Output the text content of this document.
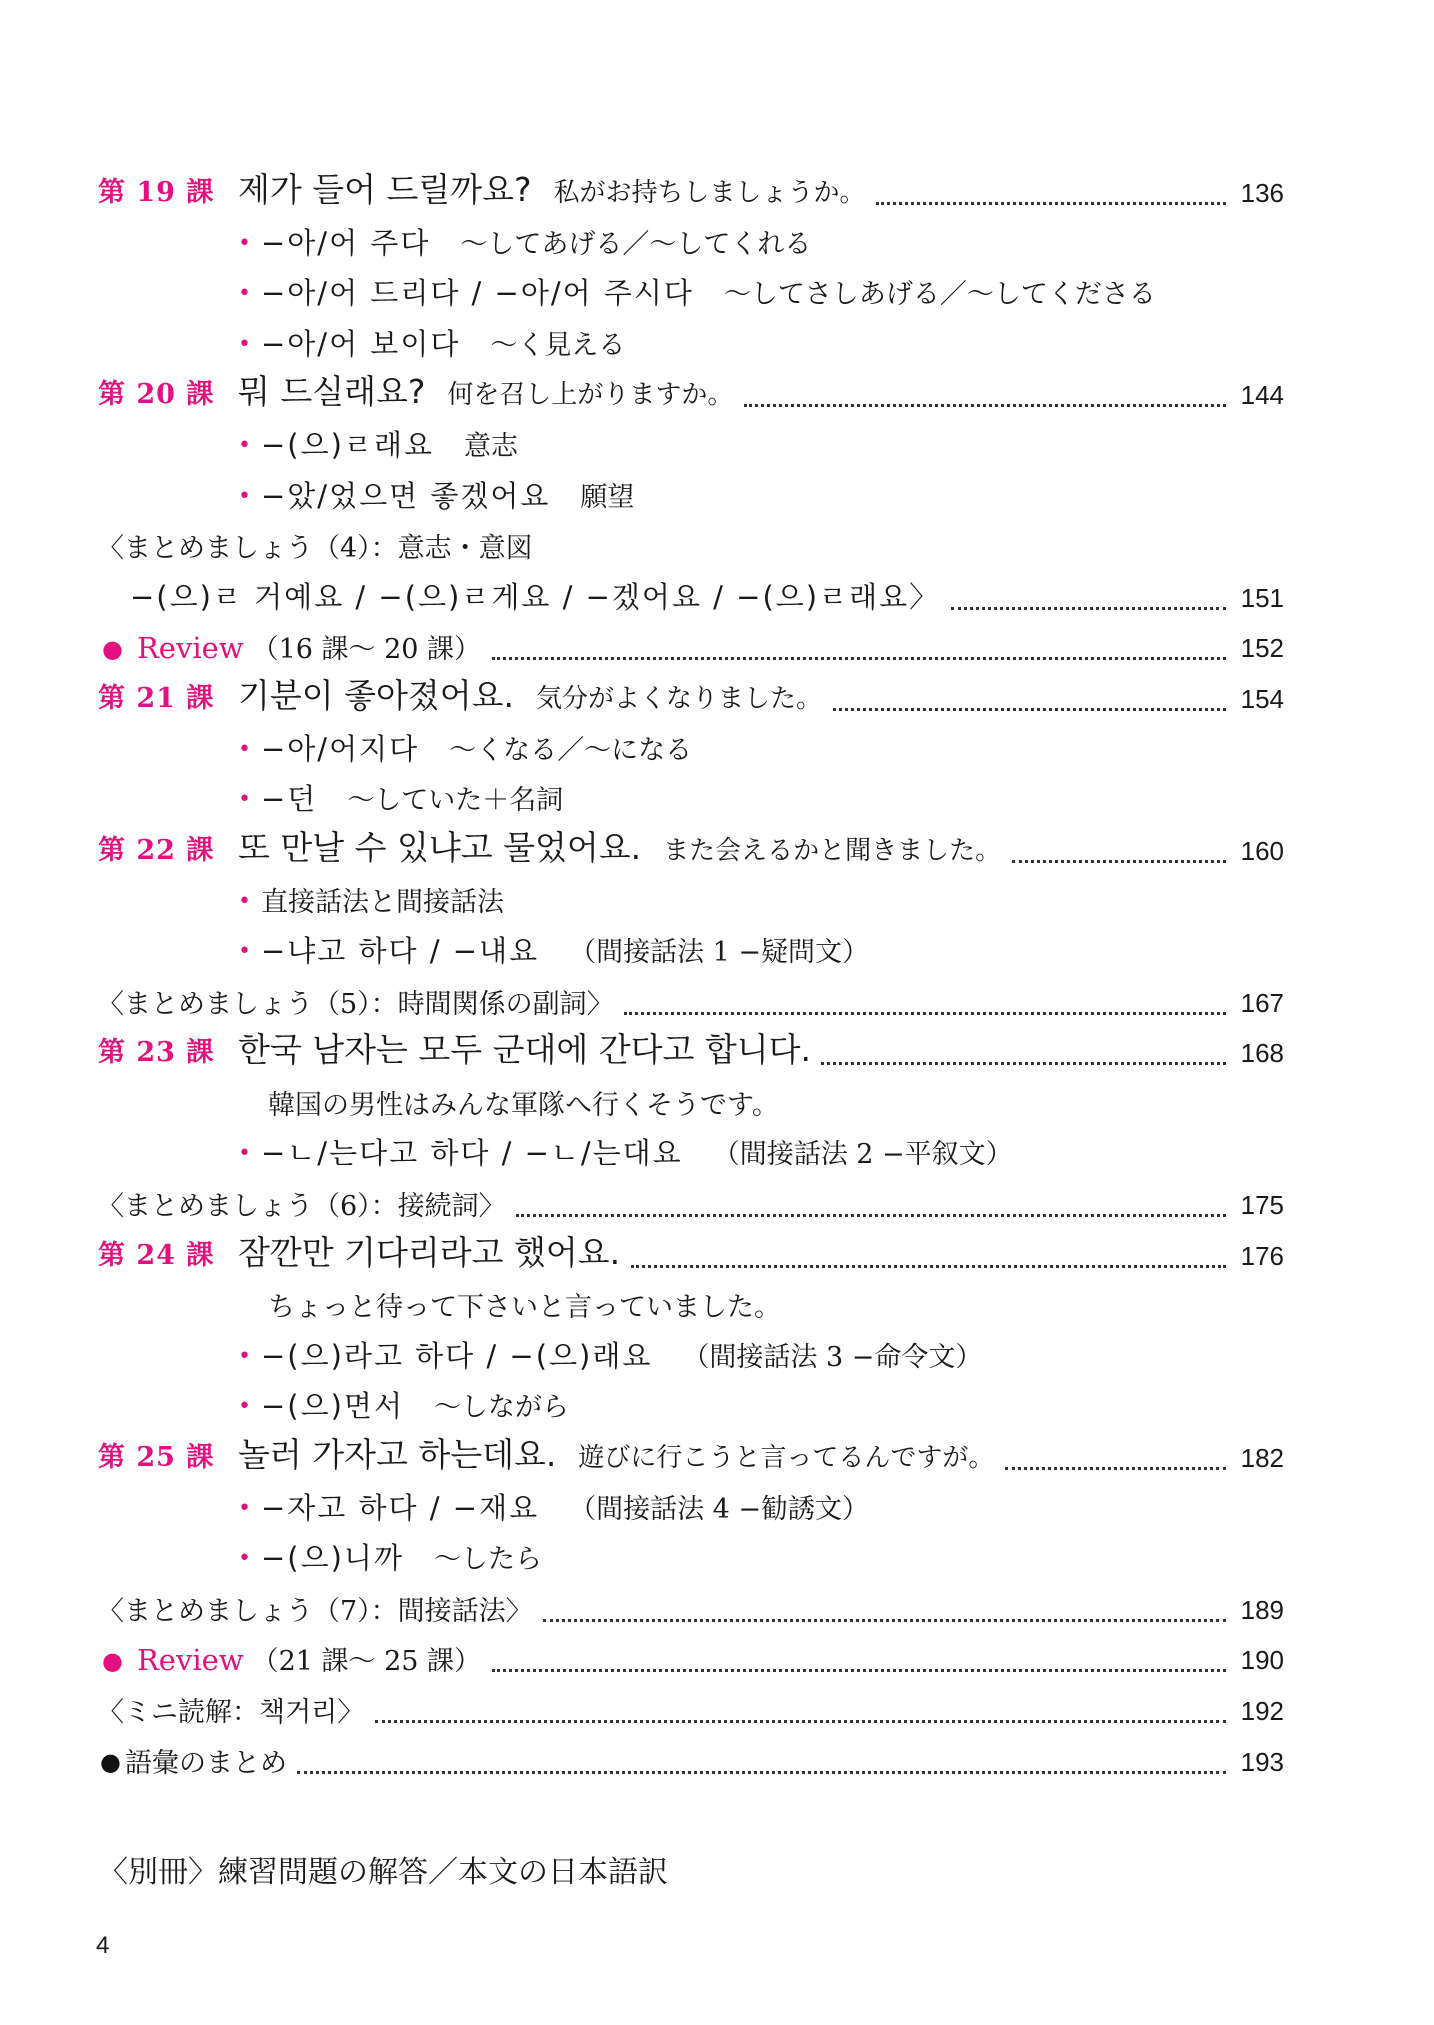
第 19 課 제가 들어 드릴까요? 私がお持ちしましょうか。	136
• −아/어 주다 〜してあげる／〜してくれる
• −아/어 드리다 / −아/어 주시다 〜してさしあげる／〜してくださる
• −아/어 보이다 〜く見える
第 20 課 뭐 드실래요? 何を召し上がりますか。	144
• −(으)ㄹ래요 意志
• −았/었으면 좋겠어요 願望
〈まとめましょう（4）：意志・意図
−(으)ㄹ 거예요 / −(으)ㄹ게요 / −겠어요 / −(으)ㄹ래요〉	151
● Review （16 課〜 20 課）	152
第 21 課 기분이 좋아졌어요. 気分がよくなりました。	154
• −아/어지다 〜くなる／〜になる
• −던 〜していた＋名詞
第 22 課 또 만날 수 있냐고 물었어요. また会えるかと聞きました。	160
• 直接話法と間接話法
• −냐고 하다 / −냬요 （間接話法 1 −疑問文）
〈まとめましょう（5）：時間関係の副詞〉	167
第 23 課 한국 남자는 모두 군대에 간다고 합니다.	168
韓国の男性はみんな軍隊へ行くそうです。
• −ㄴ/는다고 하다 / −ㄴ/는대요 （間接話法 2 −平叙文）
〈まとめましょう（6）：接続詞〉	175
第 24 課 잠깐만 기다리라고 했어요.	176
ちょっと待って下さいと言っていました。
• −(으)라고 하다 / −(으)래요 （間接話法 3 −命令文）
• −(으)면서 〜しながら
第 25 課 놀러 가자고 하는데요. 遊びに行こうと言ってるんですが。	182
• −자고 하다 / −재요 （間接話法 4 −勧誘文）
• −(으)니까 〜したら
〈まとめましょう（7）：間接話法〉	189
● Review （21 課〜 25 課）	190
〈ミニ読解：책거리〉	192
● 語彙のまとめ	193
〈別冊〉練習問題の解答／本文の日本語訳
4
